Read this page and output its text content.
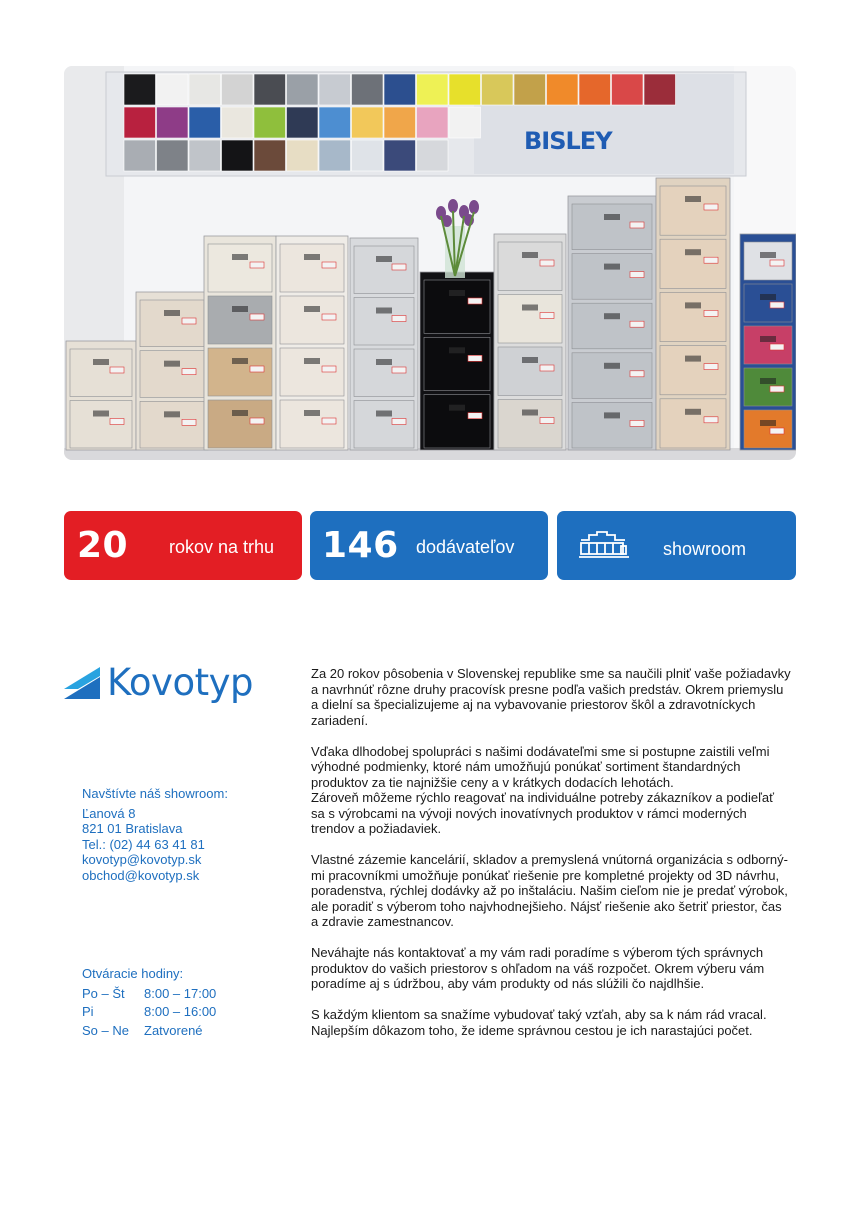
BISLEY
20 rokov na trhu 146 dodávateľov	showroom
Kovotyp
Navštívte náš showroom:
Ľanová 8
821 01 Bratislava
Tel.: (02) 44 63 41 81
kovotyp@kovotyp.sk
obchod@kovotyp.sk
Otváracie hodiny:
Po – Št	8:00 – 17:00
Pi	8:00 – 16:00
So – Ne	Zatvorené

Za 20 rokov pôsobenia v Slovenskej republike sme sa naučili plniť vaše požiadavky a navrhnúť rôzne druhy pracovísk presne podľa vašich predstáv. Okrem priemyslu a dielní sa špecializujeme aj na vybavovanie priestorov škôl a zdravotníckych zariadení.

Vďaka dlhodobej spolupráci s našimi dodávateľmi sme si postupne zaistili veľmi výhodné podmienky, ktoré nám umožňujú ponúkať sortiment štandardných produktov za tie najnižšie ceny a v krátkych dodacích lehotách.

Zároveň môžeme rýchlo reagovať na individuálne potreby zákazníkov a podieľať sa s výrobcami na vývoji nových inovatívnych produktov v rámci moderných trendov a požiadaviek.

Vlastné zázemie kancelárií, skladov a premyslená vnútorná organizácia s odborný-mi pracovníkmi umožňuje ponúkať riešenie pre kompletné projekty od 3D návrhu, poradenstva, rýchlej dodávky až po inštaláciu. Našim cieľom nie je predať výrobok, ale poradiť s výberom toho najvhodnejšieho. Nájsť riešenie ako šetriť priestor, čas a zdravie zamestnancov.

Neváhajte nás kontaktovať a my vám radi poradíme s výberom tých správnych produktov do vašich priestorov s ohľadom na váš rozpočet. Okrem výberu vám poradíme aj s údržbou, aby vám produkty od nás slúžili čo najdlhšie.

S každým klientom sa snažíme vybudovať taký vzťah, aby sa k nám rád vracal. Najlepším dôkazom toho, že ideme správnou cestou je ich narastajúci počet.
